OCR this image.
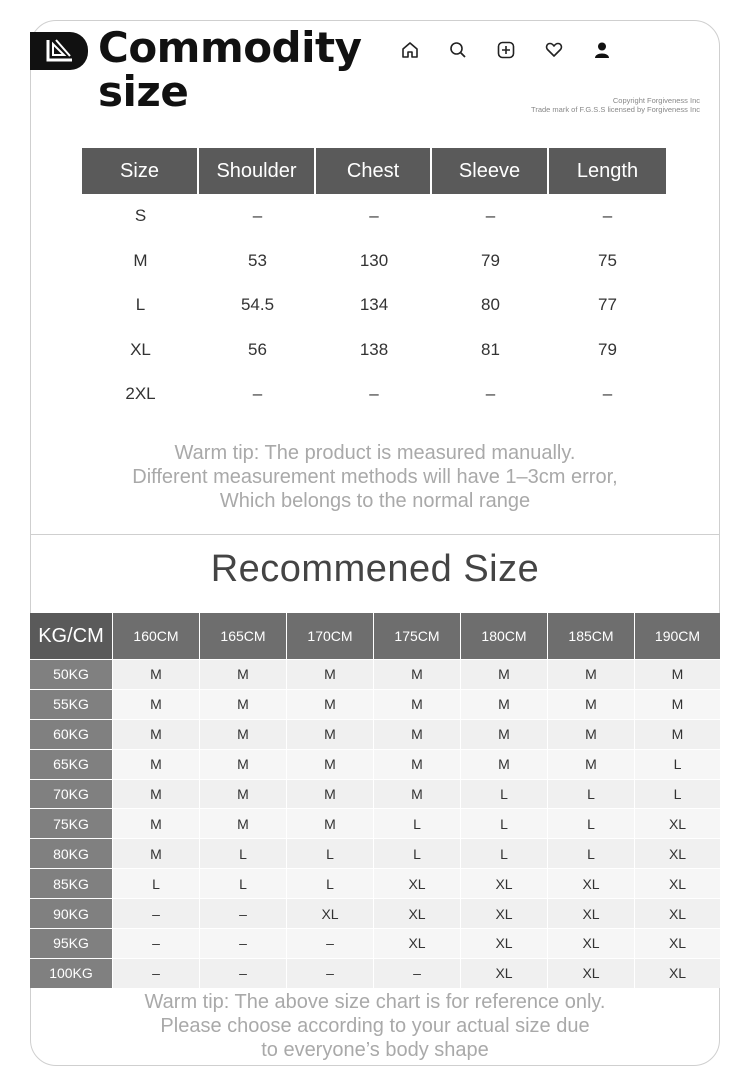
Commodity
size	Copyright Forgiveness Inc
Trade mark of F.G.S.S licensed by Forgiveness Inc
Size	Shoulder	Chest	Sleeve	Length
S	–	–	–	–
M	53	130	79	75
L	54.5	134	80	77
XL	56	138	81	79
2XL	–	–	–	–
Warm tip: The product is measured manually.
Different measurement methods will have 1–3cm error,
Which belongs to the normal range
Recommened Size
KG/CM	160CM	165CM	170CM	175CM	180CM	185CM	190CM
50KG	M	M	M	M	M	M	M
55KG	M	M	M	M	M	M	M
60KG	M	M	M	M	M	M	M
65KG	M	M	M	M	M	M	L
70KG	M	M	M	M	L	L	L
75KG	M	M	M	L	L	L	XL
80KG	M	L	L	L	L	L	XL
85KG	L	L	L	XL	XL	XL	XL
90KG	–	–	XL	XL	XL	XL	XL
95KG	–	–	–	XL	XL	XL	XL
100KG	–	–	–	–	XL	XL	XL
Warm tip: The above size chart is for reference only.
Please choose according to your actual size due
to everyone’s body shape
